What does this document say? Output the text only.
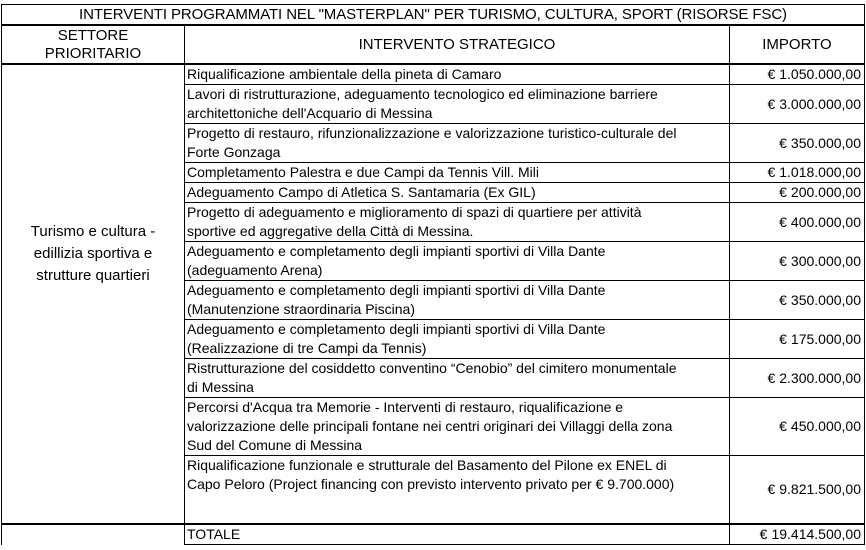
INTERVENTI PROGRAMMATI NEL "MASTERPLAN" PER TURISMO, CULTURA, SPORT (RISORSE FSC)		
SETTORE
PRIORITARIO	INTERVENTO STRATEGICO	IMPORTO
Turismo e cultura -
edillizia sportiva e
strutture quartieri	Riqualificazione ambientale della pineta di Camaro	€ 1.050.000,00
	Lavori di ristrutturazione, adeguamento tecnologico ed eliminazione barriere
architettoniche dell'Acquario di Messina	€ 3.000.000,00
	Progetto di restauro, rifunzionalizzazione e valorizzazione turistico-culturale del
Forte Gonzaga	€ 350.000,00
	Completamento Palestra e due Campi da Tennis Vill. Mili	€ 1.018.000,00
	Adeguamento Campo di Atletica S. Santamaria (Ex GIL)	€ 200.000,00
	Progetto di adeguamento e miglioramento di spazi di quartiere per attività
sportive ed aggregative della Città di Messina.	€ 400.000,00
	Adeguamento e completamento degli impianti sportivi di Villa Dante
(adeguamento Arena)	€ 300.000,00
	Adeguamento e completamento degli impianti sportivi di Villa Dante
(Manutenzione straordinaria Piscina)	€ 350.000,00
	Adeguamento e completamento degli impianti sportivi di Villa Dante
(Realizzazione di tre Campi da Tennis)	€ 175.000,00
	Ristrutturazione del cosiddetto conventino “Cenobio” del cimitero monumentale
di Messina	€ 2.300.000,00
	Percorsi d'Acqua tra Memorie - Interventi di restauro, riqualificazione e
valorizzazione delle principali fontane nei centri originari dei Villaggi della zona
Sud del Comune di Messina	€ 450.000,00
	Riqualificazione funzionale e strutturale del Basamento del Pilone ex ENEL di
Capo Peloro (Project financing con previsto intervento privato per € 9.700.000)	€ 9.821.500,00
	TOTALE	€ 19.414.500,00
